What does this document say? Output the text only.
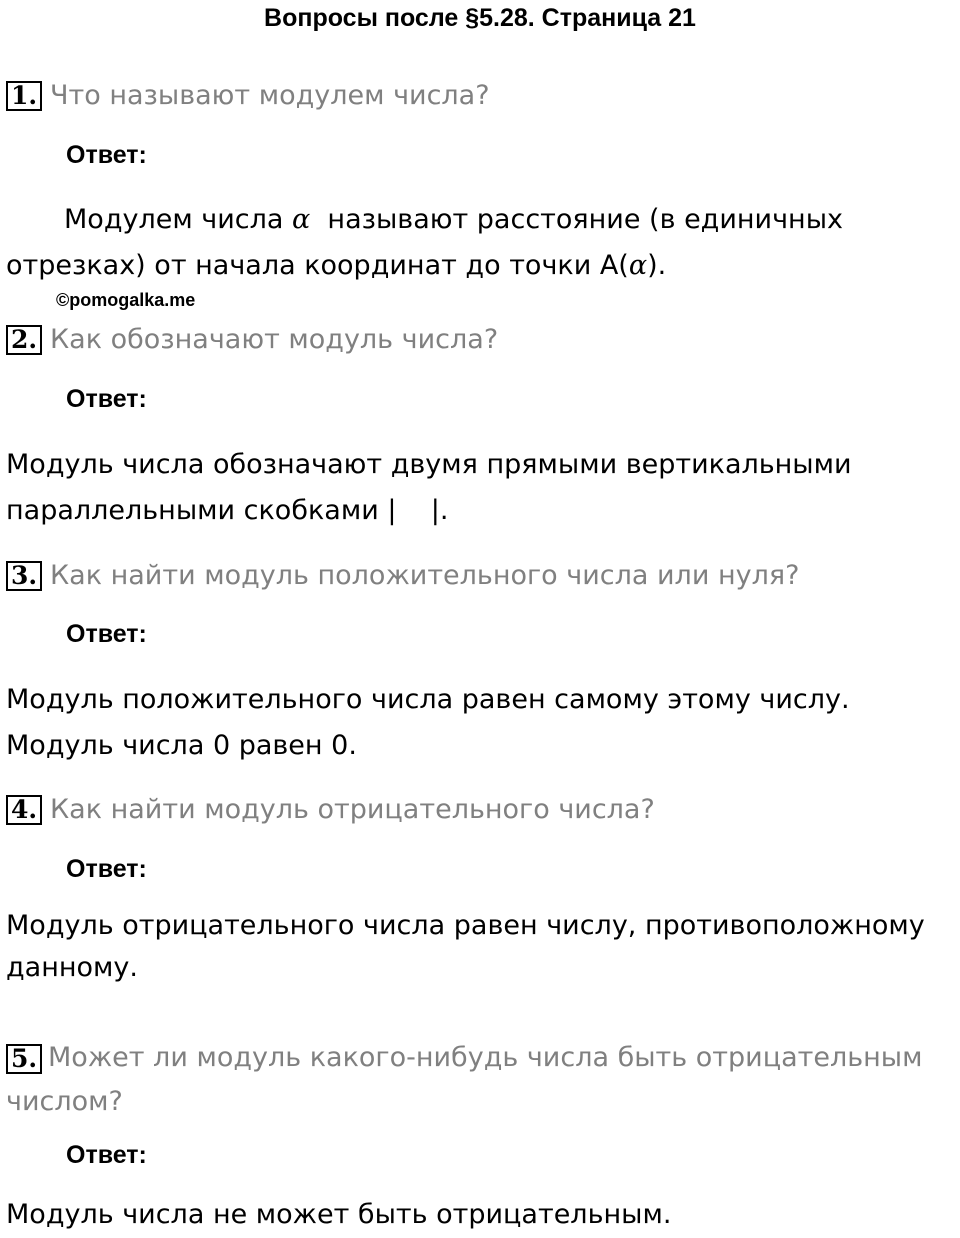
Вопросы после §5.28. Страница 21
1. Что называют модулем числа?
Ответ:
Модулем числа α  называют расстояние (в единичных отрезках) от начала координат до точки А(α).
©pomogalka.me
2. Как обозначают модуль числа?
Ответ:
Модуль числа обозначают двумя прямыми вертикальными параллельными скобками |    |.
3. Как найти модуль положительного числа или нуля?
Ответ:
Модуль положительного числа равен самому этому числу. Модуль числа 0 равен 0.
4. Как найти модуль отрицательного числа?
Ответ:
Модуль отрицательного числа равен числу, противоположному данному.
5. Может ли модуль какого-нибудь числа быть отрицательным числом?
Ответ:
Модуль числа не может быть отрицательным.
